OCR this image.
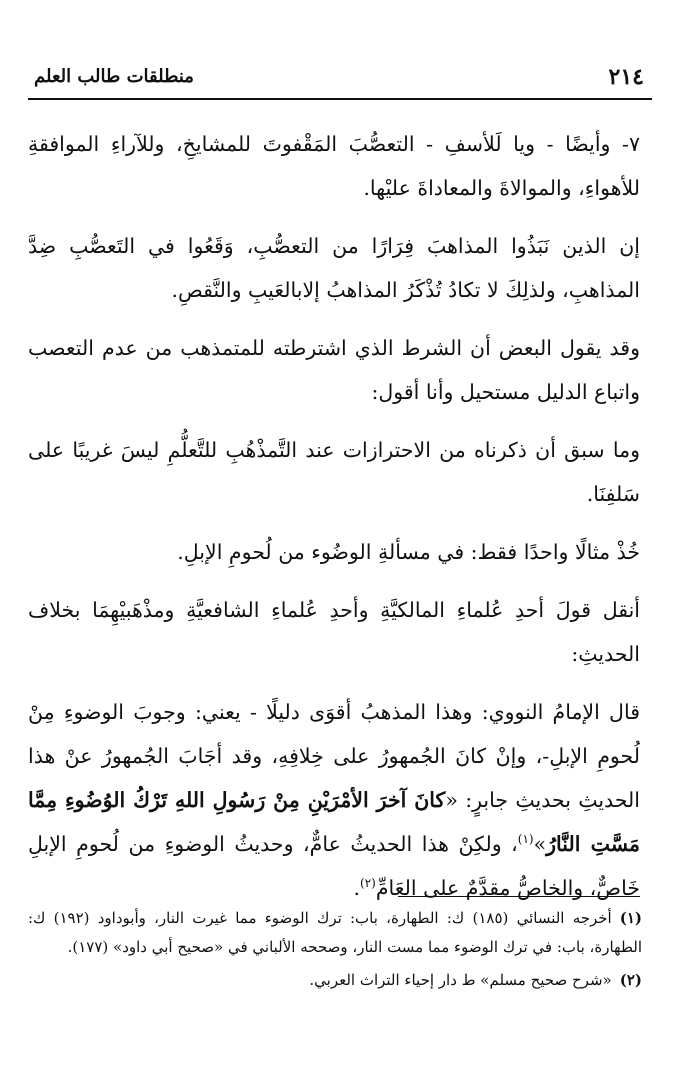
٢١٤
منطلقات طالب العلم

٧- وأيضًا - ويا لَلأسفِ - التعصُّبَ المَقْفوتَ للمشايخِ، وللآراءِ الموافقةِ للأهواءِ، والموالاةَ والمعاداةَ عليْها.

إن الذين نَبَذُوا المذاهبَ فِرَارًا من التعصُّبِ، وَقَعُوا في التَعصُّبِ ضِدَّ المذاهبِ، ولذلِكَ لا تكادُ تُذْكَرُ المذاهبُ إلابالعَيبِ والنَّقصِ.

وقد يقول البعض أن الشرط الذي اشترطته للمتمذهب من عدم التعصب واتباع الدليل مستحيل وأنا أقول:

وما سبق أن ذكرناه من الاحترازات عند التَّمذْهُبِ للتَّعلُّمِ ليسَ غريبًا على سَلفِنَا.

خُذْ مثالًا واحدًا فقط: في مسألةِ الوضُوء من لُحومِ الإبلِ.

أنقل قولَ أحدِ عُلماءِ المالكيَّةِ وأحدِ عُلماءِ الشافعيَّةِ ومذْهَبيْهِمَا بخلاف الحديثِ:

قال الإمامُ النووي: وهذا المذهبُ أقوَى دليلًا - يعني: وجوبَ الوضوءِ مِنْ لُحومِ الإبلِ-، وإنْ كانَ الجُمهورُ على خِلافِهِ، وقد أجَابَ الجُمهورُ عنْ هذا الحديثِ بحديثِ جابرٍ: «كانَ آخرَ الأمْرَيْنِ مِنْ رَسُولِ اللهِ تَرْكُ الوُضُوءِ مِمَّا مَسَّتِ النَّارُ»$^{(١)}$، ولكِنْ هذا الحديثُ عامٌّ، وحديثُ الوضوءِ من لُحومِ الإبلِ خَاصٌّ، والخاصُّ مقدَّمٌ على العَامِّ$^{(٢)}$.

(١)أخرجه النسائي (١٨٥) ك: الطهارة، باب: ترك الوضوء مما غيرت النار، وأبوداود (١٩٢) ك: الطهارة، باب: في ترك الوضوء مما مست النار، وصححه الألباني في «صحيح أبي داود» (١٧٧).

(٢)«شرح صحيح مسلم» ط دار إحياء التراث العربي.
